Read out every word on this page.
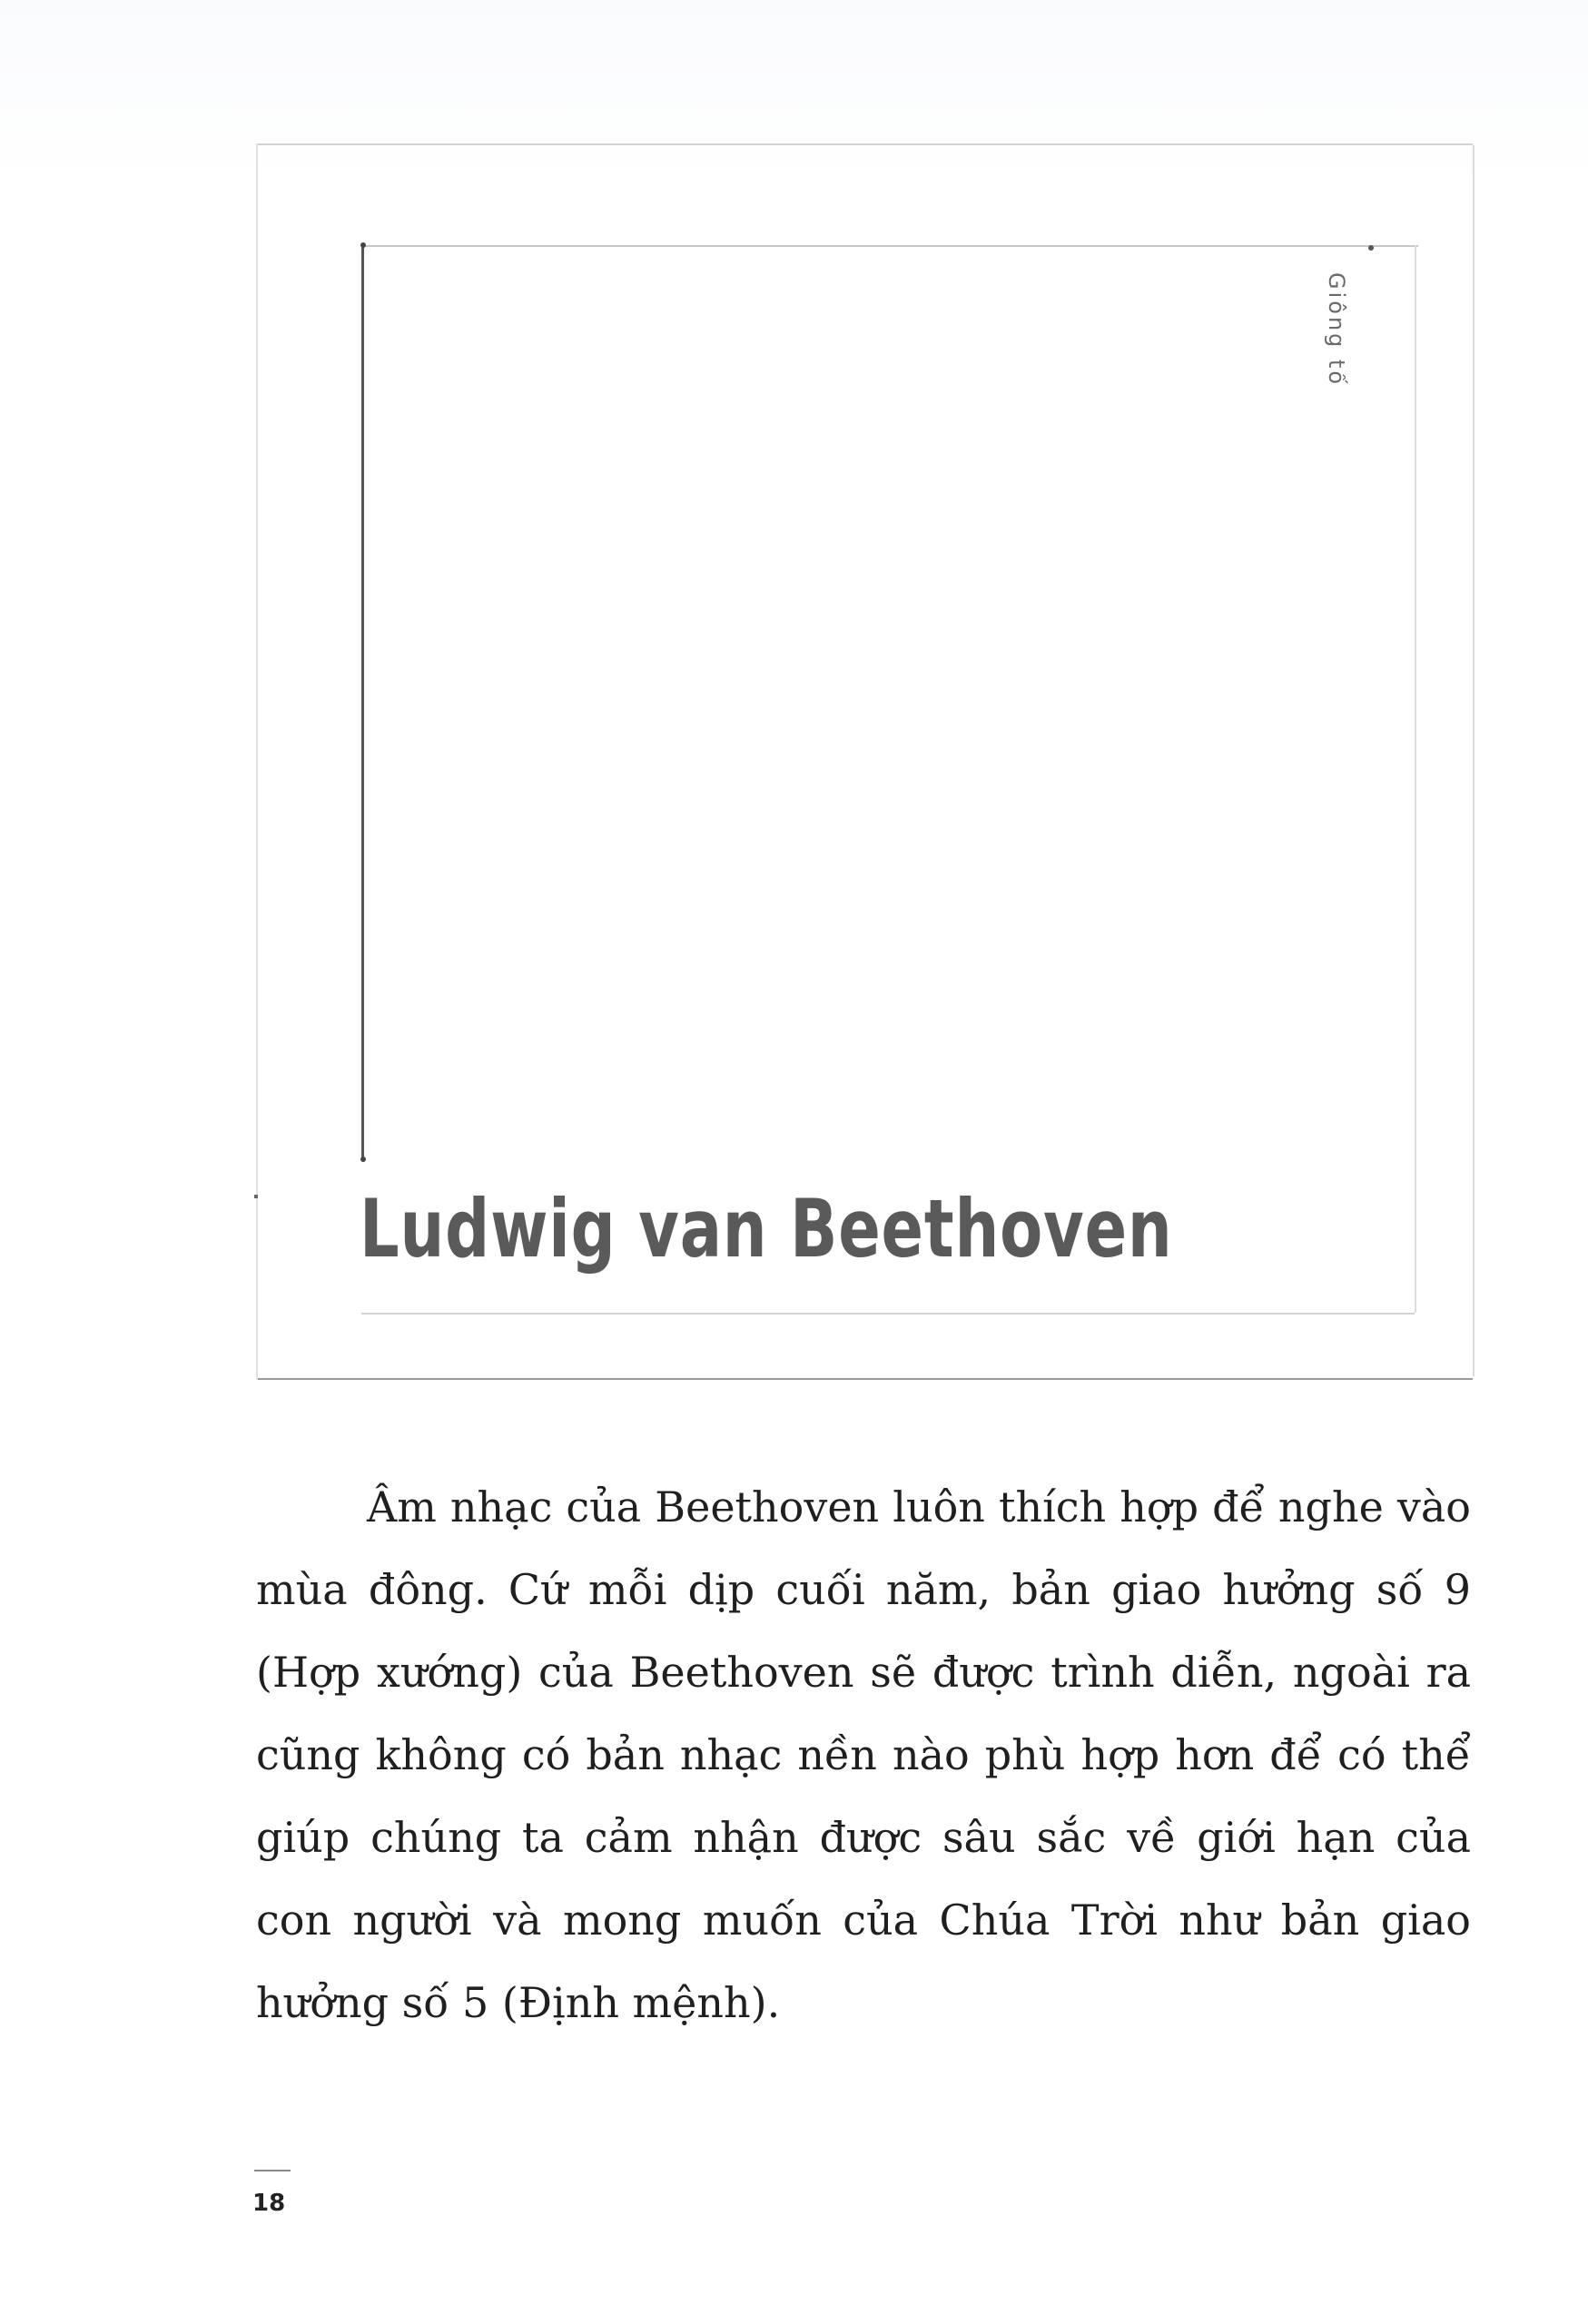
Giông tố
Ludwig van Beethoven

Âm nhạc của Beethoven luôn thích hợp để nghe vào mùa đông. Cứ mỗi dịp cuối năm, bản giao hưởng số 9 (Hợp xướng) của Beethoven sẽ được trình diễn, ngoài ra cũng không có bản nhạc nền nào phù hợp hơn để có thể giúp chúng ta cảm nhận được sâu sắc về giới hạn của con người và mong muốn của Chúa Trời như bản giao hưởng số 5 (Định mệnh).

18
